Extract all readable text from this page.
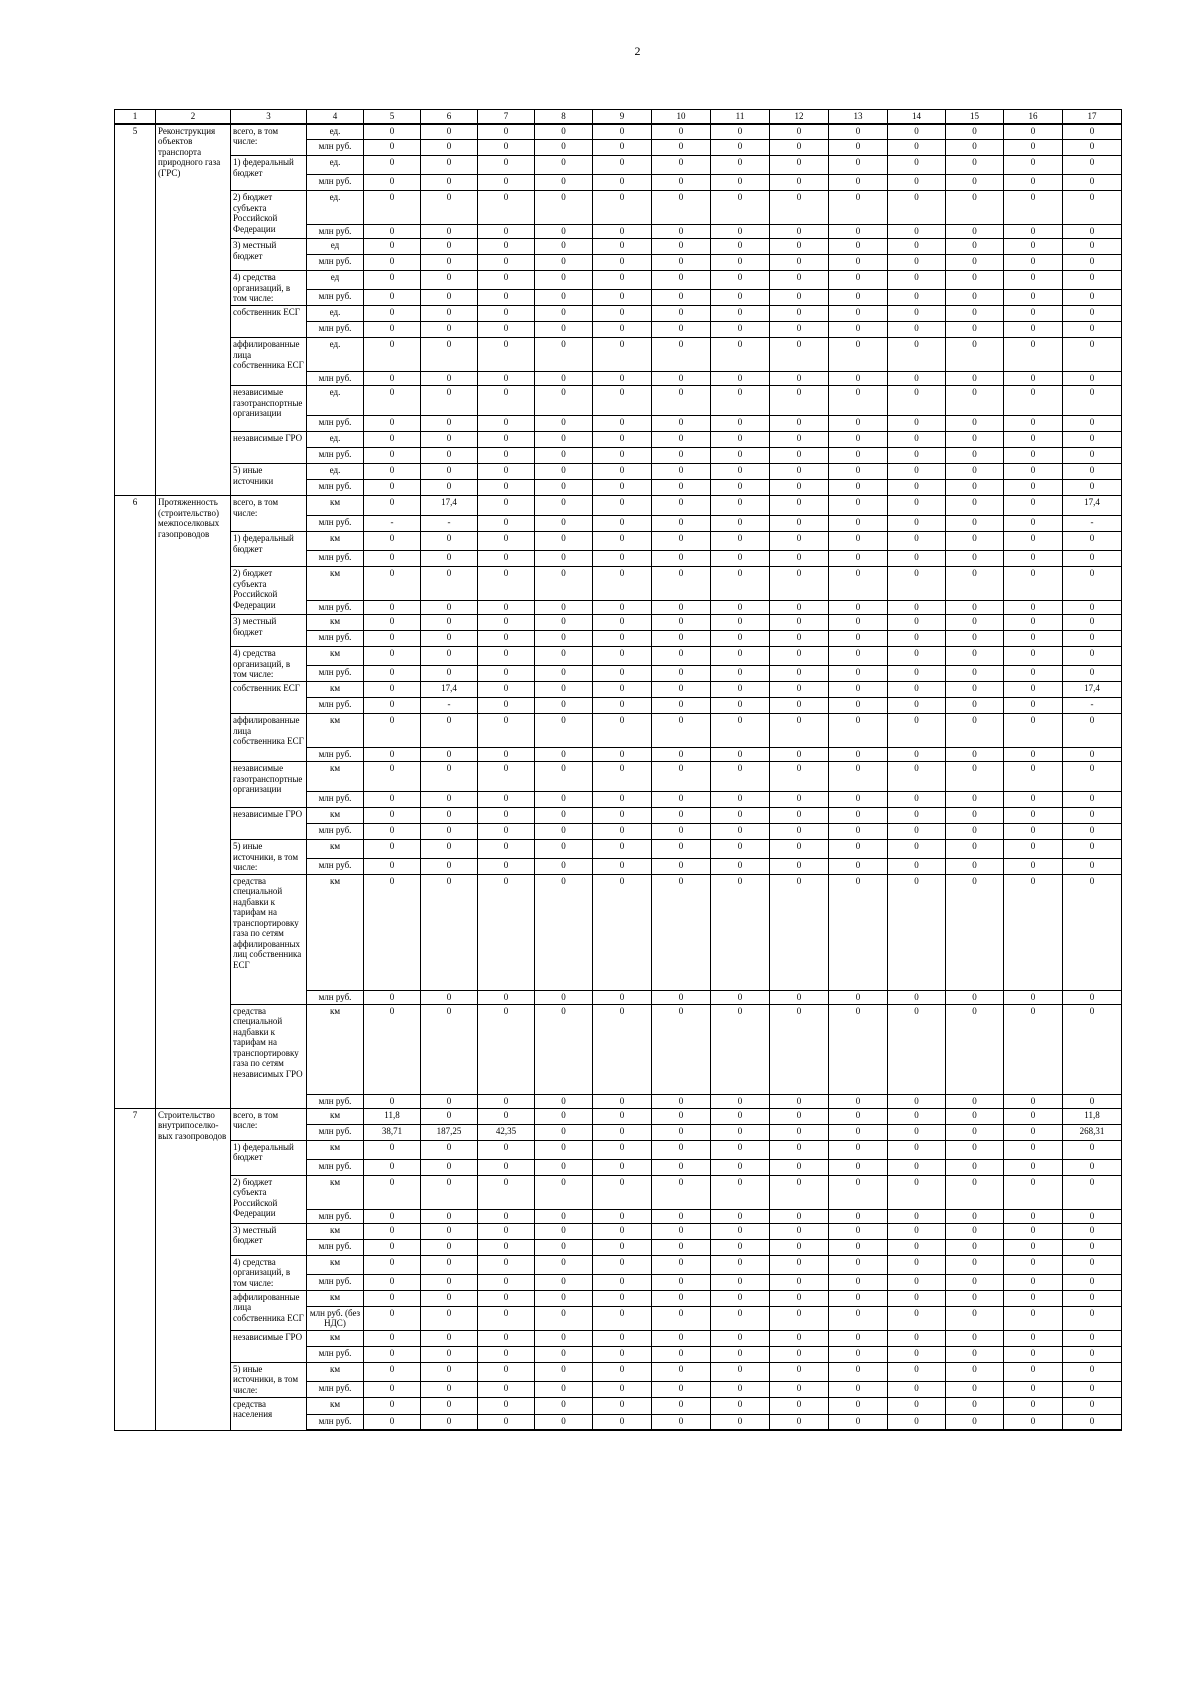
2
1	2	3	4	5	6	7	8	9	10	11	12	13	14	15	16	17
5	Реконструкция объектов транспорта природного газа (ГРС)	всего, в том числе:	ед.	0	0	0	0	0	0	0	0	0	0	0	0	0
			млн руб.	0	0	0	0	0	0	0	0	0	0	0	0	0
		1) федеральный бюджет	ед.	0	0	0	0	0	0	0	0	0	0	0	0	0
			млн руб.	0	0	0	0	0	0	0	0	0	0	0	0	0
		2) бюджет субъекта Российской Федерации	ед.	0	0	0	0	0	0	0	0	0	0	0	0	0
			млн руб.	0	0	0	0	0	0	0	0	0	0	0	0	0
		3) местный бюджет	ед	0	0	0	0	0	0	0	0	0	0	0	0	0
			млн руб.	0	0	0	0	0	0	0	0	0	0	0	0	0
		4) средства организаций, в том числе:	ед	0	0	0	0	0	0	0	0	0	0	0	0	0
			млн руб.	0	0	0	0	0	0	0	0	0	0	0	0	0
		собственник ЕСГ	ед.	0	0	0	0	0	0	0	0	0	0	0	0	0
			млн руб.	0	0	0	0	0	0	0	0	0	0	0	0	0
		аффилированные лица собственника ЕСГ	ед.	0	0	0	0	0	0	0	0	0	0	0	0	0
			млн руб.	0	0	0	0	0	0	0	0	0	0	0	0	0
		независимые газотранспортные организации	ед.	0	0	0	0	0	0	0	0	0	0	0	0	0
			млн руб.	0	0	0	0	0	0	0	0	0	0	0	0	0
		независимые ГРО	ед.	0	0	0	0	0	0	0	0	0	0	0	0	0
			млн руб.	0	0	0	0	0	0	0	0	0	0	0	0	0
		5) иные источники	ед.	0	0	0	0	0	0	0	0	0	0	0	0	0
			млн руб.	0	0	0	0	0	0	0	0	0	0	0	0	0
6	Протяженность (строительство) межпоселковых газопроводов	всего, в том числе:	км	0	17,4	0	0	0	0	0	0	0	0	0	0	17,4
			млн руб.	-	-	0	0	0	0	0	0	0	0	0	0	-
		1) федеральный бюджет	км	0	0	0	0	0	0	0	0	0	0	0	0	0
			млн руб.	0	0	0	0	0	0	0	0	0	0	0	0	0
		2) бюджет субъекта Российской Федерации	км	0	0	0	0	0	0	0	0	0	0	0	0	0
			млн руб.	0	0	0	0	0	0	0	0	0	0	0	0	0
		3) местный бюджет	км	0	0	0	0	0	0	0	0	0	0	0	0	0
			млн руб.	0	0	0	0	0	0	0	0	0	0	0	0	0
		4) средства организаций, в том числе:	км	0	0	0	0	0	0	0	0	0	0	0	0	0
			млн руб.	0	0	0	0	0	0	0	0	0	0	0	0	0
		собственник ЕСГ	км	0	17,4	0	0	0	0	0	0	0	0	0	0	17,4
			млн руб.	0	-	0	0	0	0	0	0	0	0	0	0	-
		аффилированные лица собственника ЕСГ	км	0	0	0	0	0	0	0	0	0	0	0	0	0
			млн руб.	0	0	0	0	0	0	0	0	0	0	0	0	0
		независимые газотранспортные организации	км	0	0	0	0	0	0	0	0	0	0	0	0	0
			млн руб.	0	0	0	0	0	0	0	0	0	0	0	0	0
		независимые ГРО	км	0	0	0	0	0	0	0	0	0	0	0	0	0
			млн руб.	0	0	0	0	0	0	0	0	0	0	0	0	0
		5) иные источники, в том числе:	км	0	0	0	0	0	0	0	0	0	0	0	0	0
			млн руб.	0	0	0	0	0	0	0	0	0	0	0	0	0
		средства специальной надбавки к тарифам на транспортировку газа по сетям аффилированных лиц собственника ЕСГ	км	0	0	0	0	0	0	0	0	0	0	0	0	0
			млн руб.	0	0	0	0	0	0	0	0	0	0	0	0	0
		средства специальной надбавки к тарифам на транспортировку газа по сетям независимых ГРО	км	0	0	0	0	0	0	0	0	0	0	0	0	0
			млн руб.	0	0	0	0	0	0	0	0	0	0	0	0	0
7	Строительство внутрипоселко-вых газопроводов	всего, в том числе:	км	11,8	0	0	0	0	0	0	0	0	0	0	0	11,8
			млн руб.	38,71	187,25	42,35	0	0	0	0	0	0	0	0	0	268,31
		1) федеральный бюджет	км	0	0	0	0	0	0	0	0	0	0	0	0	0
			млн руб.	0	0	0	0	0	0	0	0	0	0	0	0	0
		2) бюджет субъекта Российской Федерации	км	0	0	0	0	0	0	0	0	0	0	0	0	0
			млн руб.	0	0	0	0	0	0	0	0	0	0	0	0	0
		3) местный бюджет	км	0	0	0	0	0	0	0	0	0	0	0	0	0
			млн руб.	0	0	0	0	0	0	0	0	0	0	0	0	0
		4) средства организаций, в том числе:	км	0	0	0	0	0	0	0	0	0	0	0	0	0
			млн руб.	0	0	0	0	0	0	0	0	0	0	0	0	0
		аффилированные лица собственника ЕСГ	км	0	0	0	0	0	0	0	0	0	0	0	0	0
			млн руб. (без НДС)	0	0	0	0	0	0	0	0	0	0	0	0	0
		независимые ГРО	км	0	0	0	0	0	0	0	0	0	0	0	0	0
			млн руб.	0	0	0	0	0	0	0	0	0	0	0	0	0
		5) иные источники, в том числе:	км	0	0	0	0	0	0	0	0	0	0	0	0	0
			млн руб.	0	0	0	0	0	0	0	0	0	0	0	0	0
		средства населения	км	0	0	0	0	0	0	0	0	0	0	0	0	0
			млн руб.	0	0	0	0	0	0	0	0	0	0	0	0	0
